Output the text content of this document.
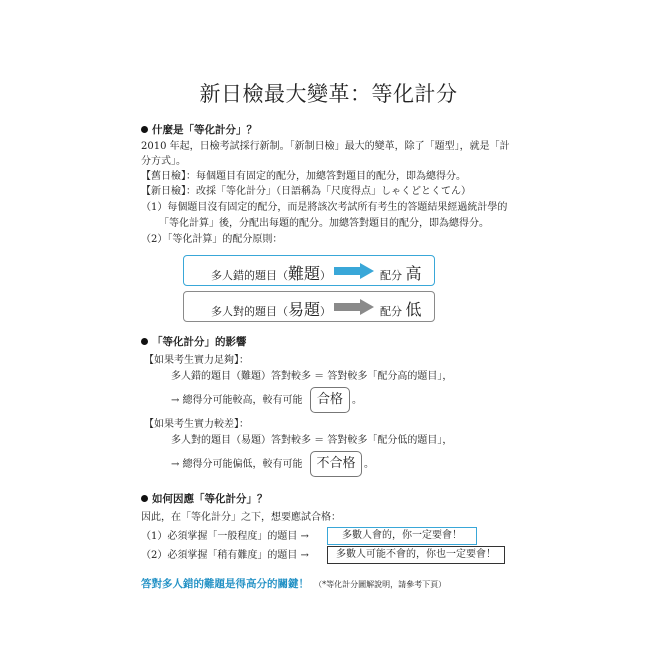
新日檢最大變革：等化計分
什麼是「等化計分」？
2010 年起，日檢考試採行新制。「新制日檢」最大的變革，除了「題型」，就是「計
分方式」。
【舊日檢】：每個題目有固定的配分，加總答對題目的配分，即為總得分。
【新日檢】：改採「等化計分」（日語稱為「尺度得点」しゃくどとくてん）
（1）每個題目沒有固定的配分，而是將該次考試所有考生的答題結果經過統計學的
「等化計算」後，分配出每題的配分。加總答對題目的配分，即為總得分。
（2）「等化計算」的配分原則：
多人錯的題目（難題）	配分 高
多人對的題目（易題）	配分 低
「等化計分」的影響
【如果考生實力足夠】：
多人錯的題目（難題）答對較多 ＝ 答對較多「配分高的題目」，
→ 總得分可能較高，較有可能	合格 。
【如果考生實力較差】：
多人對的題目（易題）答對較多 ＝ 答對較多「配分低的題目」，
→ 總得分可能偏低，較有可能	不合格 。
如何因應「等化計分」？
因此，在「等化計分」之下，想要應試合格：
（1）必須掌握「一般程度」的題目 →	多數人會的，你一定要會！
（2）必須掌握「稍有難度」的題目 →	多數人可能不會的，你也一定要會！
答對多人錯的難題是得高分的關鍵！ （*等化計分圖解說明，請參考下頁）
